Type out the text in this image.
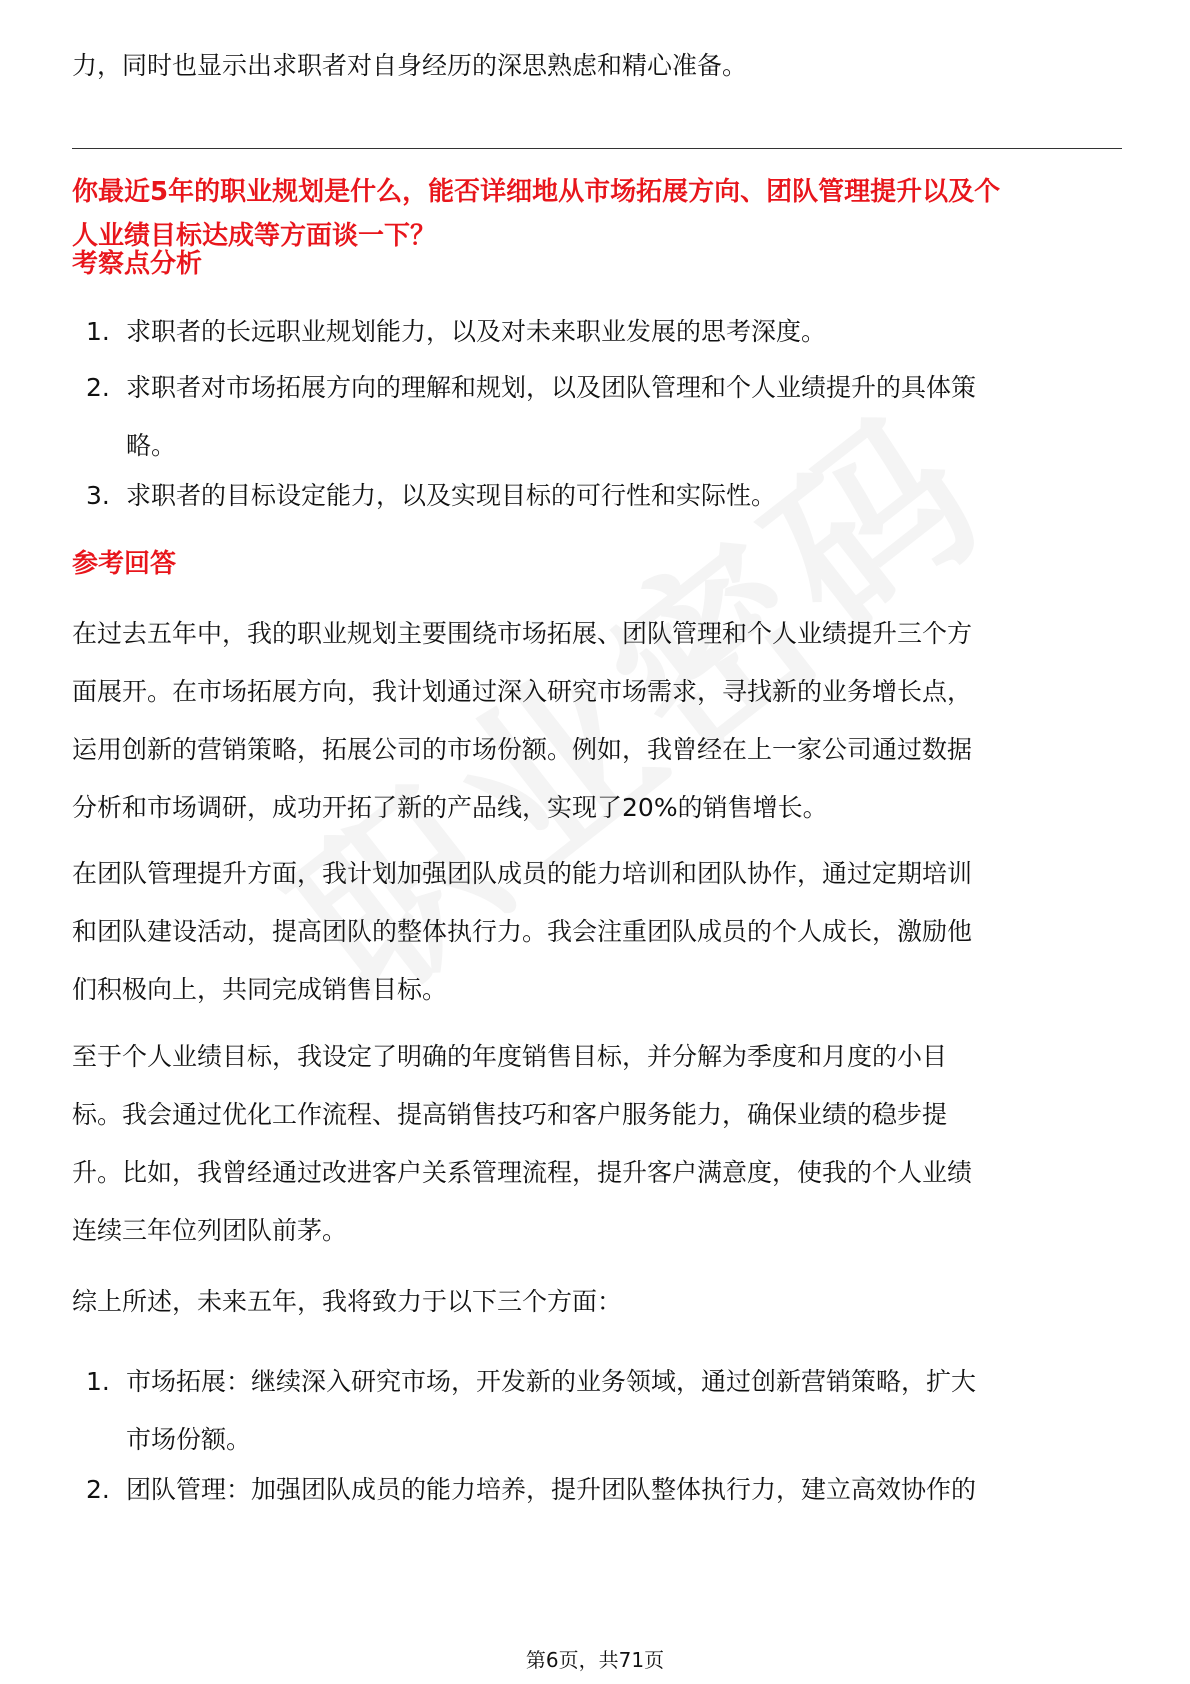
力，同时也显示出求职者对自身经历的深思熟虑和精心准备。
你最近5年的职业规划是什么，能否详细地从市场拓展方向、团队管理提升以及个
人业绩目标达成等方面谈一下？
考察点分析
1. 求职者的长远职业规划能力，以及对未来职业发展的思考深度。
2. 求职者对市场拓展方向的理解和规划，以及团队管理和个人业绩提升的具体策
略。
3. 求职者的目标设定能力，以及实现目标的可行性和实际性。
参考回答
在过去五年中，我的职业规划主要围绕市场拓展、团队管理和个人业绩提升三个方
面展开。在市场拓展方向，我计划通过深入研究市场需求，寻找新的业务增长点，
运用创新的营销策略，拓展公司的市场份额。例如，我曾经在上一家公司通过数据
分析和市场调研，成功开拓了新的产品线，实现了20%的销售增长。
在团队管理提升方面，我计划加强团队成员的能力培训和团队协作，通过定期培训
和团队建设活动，提高团队的整体执行力。我会注重团队成员的个人成长，激励他
们积极向上，共同完成销售目标。
至于个人业绩目标，我设定了明确的年度销售目标，并分解为季度和月度的小目
标。我会通过优化工作流程、提高销售技巧和客户服务能力，确保业绩的稳步提
升。比如，我曾经通过改进客户关系管理流程，提升客户满意度，使我的个人业绩
连续三年位列团队前茅。
综上所述，未来五年，我将致力于以下三个方面：
1. 市场拓展：继续深入研究市场，开发新的业务领域，通过创新营销策略，扩大
市场份额。
2. 团队管理：加强团队成员的能力培养，提升团队整体执行力，建立高效协作的
第6页，共71页
